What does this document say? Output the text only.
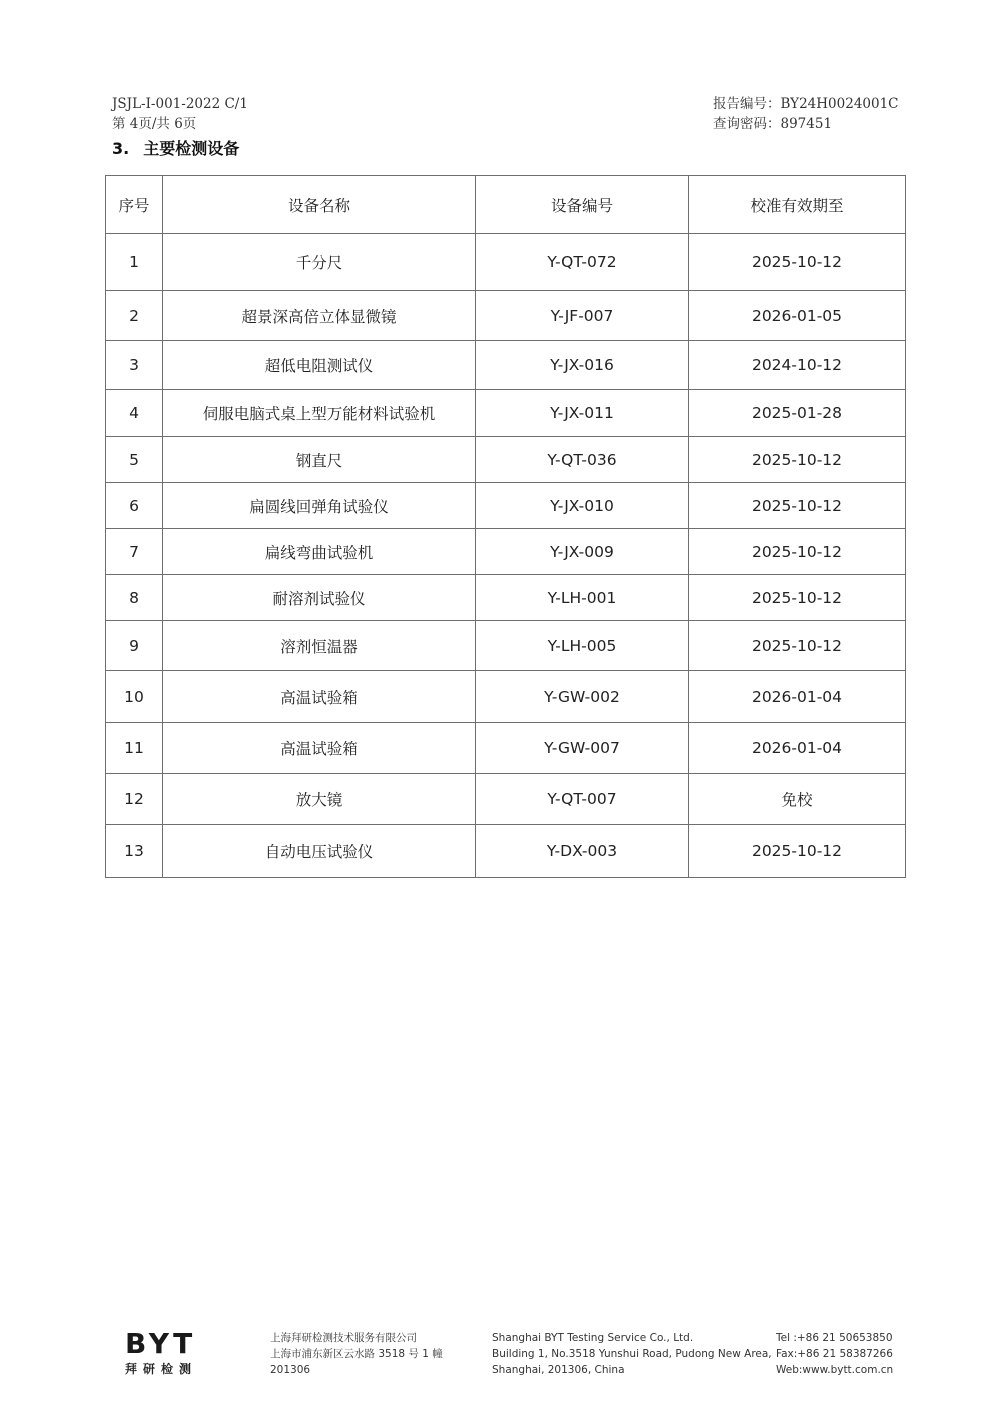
JSJL-I-001-2022 C/1
第 4页/共 6页
报告编号：BY24H0024001C
查询密码：897451
3. 主要检测设备
序号	设备名称	设备编号	校准有效期至
1	千分尺	Y-QT-072	2025-10-12
2	超景深高倍立体显微镜	Y-JF-007	2026-01-05
3	超低电阻测试仪	Y-JX-016	2024-10-12
4	伺服电脑式桌上型万能材料试验机	Y-JX-011	2025-01-28
5	钢直尺	Y-QT-036	2025-10-12
6	扁圆线回弹角试验仪	Y-JX-010	2025-10-12
7	扁线弯曲试验机	Y-JX-009	2025-10-12
8	耐溶剂试验仪	Y-LH-001	2025-10-12
9	溶剂恒温器	Y-LH-005	2025-10-12
10	高温试验箱	Y-GW-002	2026-01-04
11	高温试验箱	Y-GW-007	2026-01-04
12	放大镜	Y-QT-007	免校
13	自动电压试验仪	Y-DX-003	2025-10-12
BYT
拜研检测
上海拜研检测技术服务有限公司
上海市浦东新区云水路 3518 号 1 幢
201306
Shanghai BYT Testing Service Co., Ltd.
Building 1, No.3518 Yunshui Road, Pudong New Area,
Shanghai, 201306, China
Tel :+86 21 50653850
Fax:+86 21 58387266
Web:www.bytt.com.cn
